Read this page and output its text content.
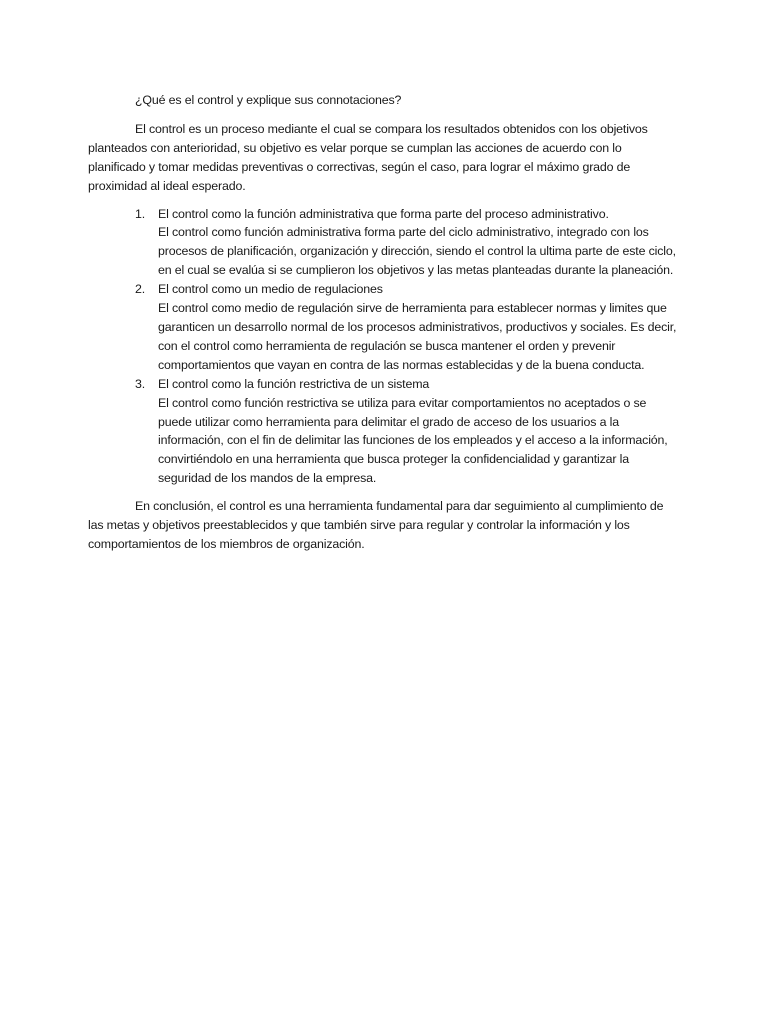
¿Qué es el control y explique sus connotaciones?

El control es un proceso mediante el cual se compara los resultados obtenidos con los objetivos planteados con anterioridad, su objetivo es velar porque se cumplan las acciones de acuerdo con lo planificado y tomar medidas preventivas o correctivas, según el caso, para lograr el máximo grado de proximidad al ideal esperado.

1. El control como la función administrativa que forma parte del proceso administrativo.
El control como función administrativa forma parte del ciclo administrativo, integrado con los procesos de planificación, organización y dirección, siendo el control la ultima parte de este ciclo, en el cual se evalúa si se cumplieron los objetivos y las metas planteadas durante la planeación.
2. El control como un medio de regulaciones
El control como medio de regulación sirve de herramienta para establecer normas y limites que garanticen un desarrollo normal de los procesos administrativos, productivos y sociales. Es decir, con el control como herramienta de regulación se busca mantener el orden y prevenir comportamientos que vayan en contra de las normas establecidas y de la buena conducta.
3. El control como la función restrictiva de un sistema
El control como función restrictiva se utiliza para evitar comportamientos no aceptados o se puede utilizar como herramienta para delimitar el grado de acceso de los usuarios a la información, con el fin de delimitar las funciones de los empleados y el acceso a la información, convirtiéndolo en una herramienta que busca proteger la confidencialidad y garantizar la seguridad de los mandos de la empresa.

En conclusión, el control es una herramienta fundamental para dar seguimiento al cumplimiento de las metas y objetivos preestablecidos y que también sirve para regular y controlar la información y los comportamientos de los miembros de organización.
